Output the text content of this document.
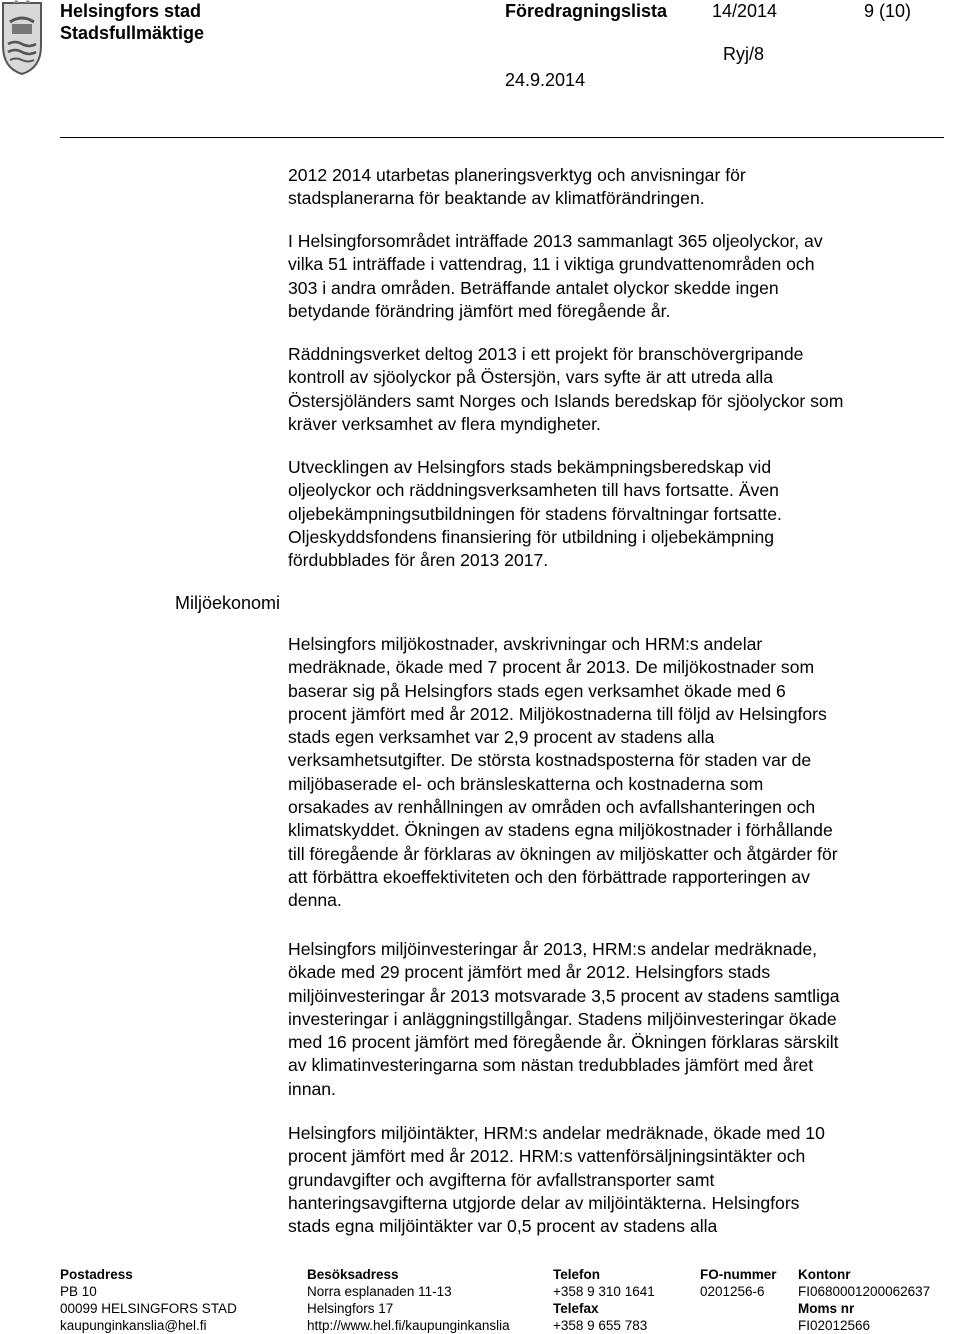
Helsingfors stad
Stadsfullmäktige
Föredragningslista 14/2014	9 (10)
Ryj/8
24.9.2014
Miljöekonomi

2012 2014 utarbetas planeringsverktyg och anvisningar för
stadsplanerarna för beaktande av klimatförändringen.

I Helsingforsområdet inträffade 2013 sammanlagt 365 oljeolyckor, av
vilka 51 inträffade i vattendrag, 11 i viktiga grundvattenområden och
303 i andra områden. Beträffande antalet olyckor skedde ingen
betydande förändring jämfört med föregående år.

Räddningsverket deltog 2013 i ett projekt för branschövergripande
kontroll av sjöolyckor på Östersjön, vars syfte är att utreda alla
Östersjöländers samt Norges och Islands beredskap för sjöolyckor som
kräver verksamhet av flera myndigheter.

Utvecklingen av Helsingfors stads bekämpningsberedskap vid
oljeolyckor och räddningsverksamheten till havs fortsatte. Även
oljebekämpningsutbildningen för stadens förvaltningar fortsatte.
Oljeskyddsfondens finansiering för utbildning i oljebekämpning
fördubblades för åren 2013 2017.

Helsingfors miljökostnader, avskrivningar och HRM:s andelar
medräknade, ökade med 7 procent år 2013. De miljökostnader som
baserar sig på Helsingfors stads egen verksamhet ökade med 6
procent jämfört med år 2012. Miljökostnaderna till följd av Helsingfors
stads egen verksamhet var 2,9 procent av stadens alla
verksamhetsutgifter. De största kostnadsposterna för staden var de
miljöbaserade el- och bränsleskatterna och kostnaderna som
orsakades av renhållningen av områden och avfallshanteringen och
klimatskyddet. Ökningen av stadens egna miljökostnader i förhållande
till föregående år förklaras av ökningen av miljöskatter och åtgärder för
att förbättra ekoeffektiviteten och den förbättrade rapporteringen av
denna.

Helsingfors miljöinvesteringar år 2013, HRM:s andelar medräknade,
ökade med 29 procent jämfört med år 2012. Helsingfors stads
miljöinvesteringar år 2013 motsvarade 3,5 procent av stadens samtliga
investeringar i anläggningstillgångar. Stadens miljöinvesteringar ökade
med 16 procent jämfört med föregående år. Ökningen förklaras särskilt
av klimatinvesteringarna som nästan tredubblades jämfört med året
innan.

Helsingfors miljöintäkter, HRM:s andelar medräknade, ökade med 10
procent jämfört med år 2012. HRM:s vattenförsäljningsintäkter och
grundavgifter och avgifterna för avfallstransporter samt
hanteringsavgifterna utgjorde delar av miljöintäkterna. Helsingfors
stads egna miljöintäkter var 0,5 procent av stadens alla

Postadress
PB 10
00099 HELSINGFORS STAD
kaupunginkanslia@hel.fi
Besöksadress
Norra esplanaden 11-13
Helsingfors 17
http://www.hel.fi/kaupunginkanslia
Telefon
+358 9 310 1641
Telefax
+358 9 655 783
FO-nummer
0201256-6
Kontonr
FI0680001200062637
Moms nr
FI02012566
